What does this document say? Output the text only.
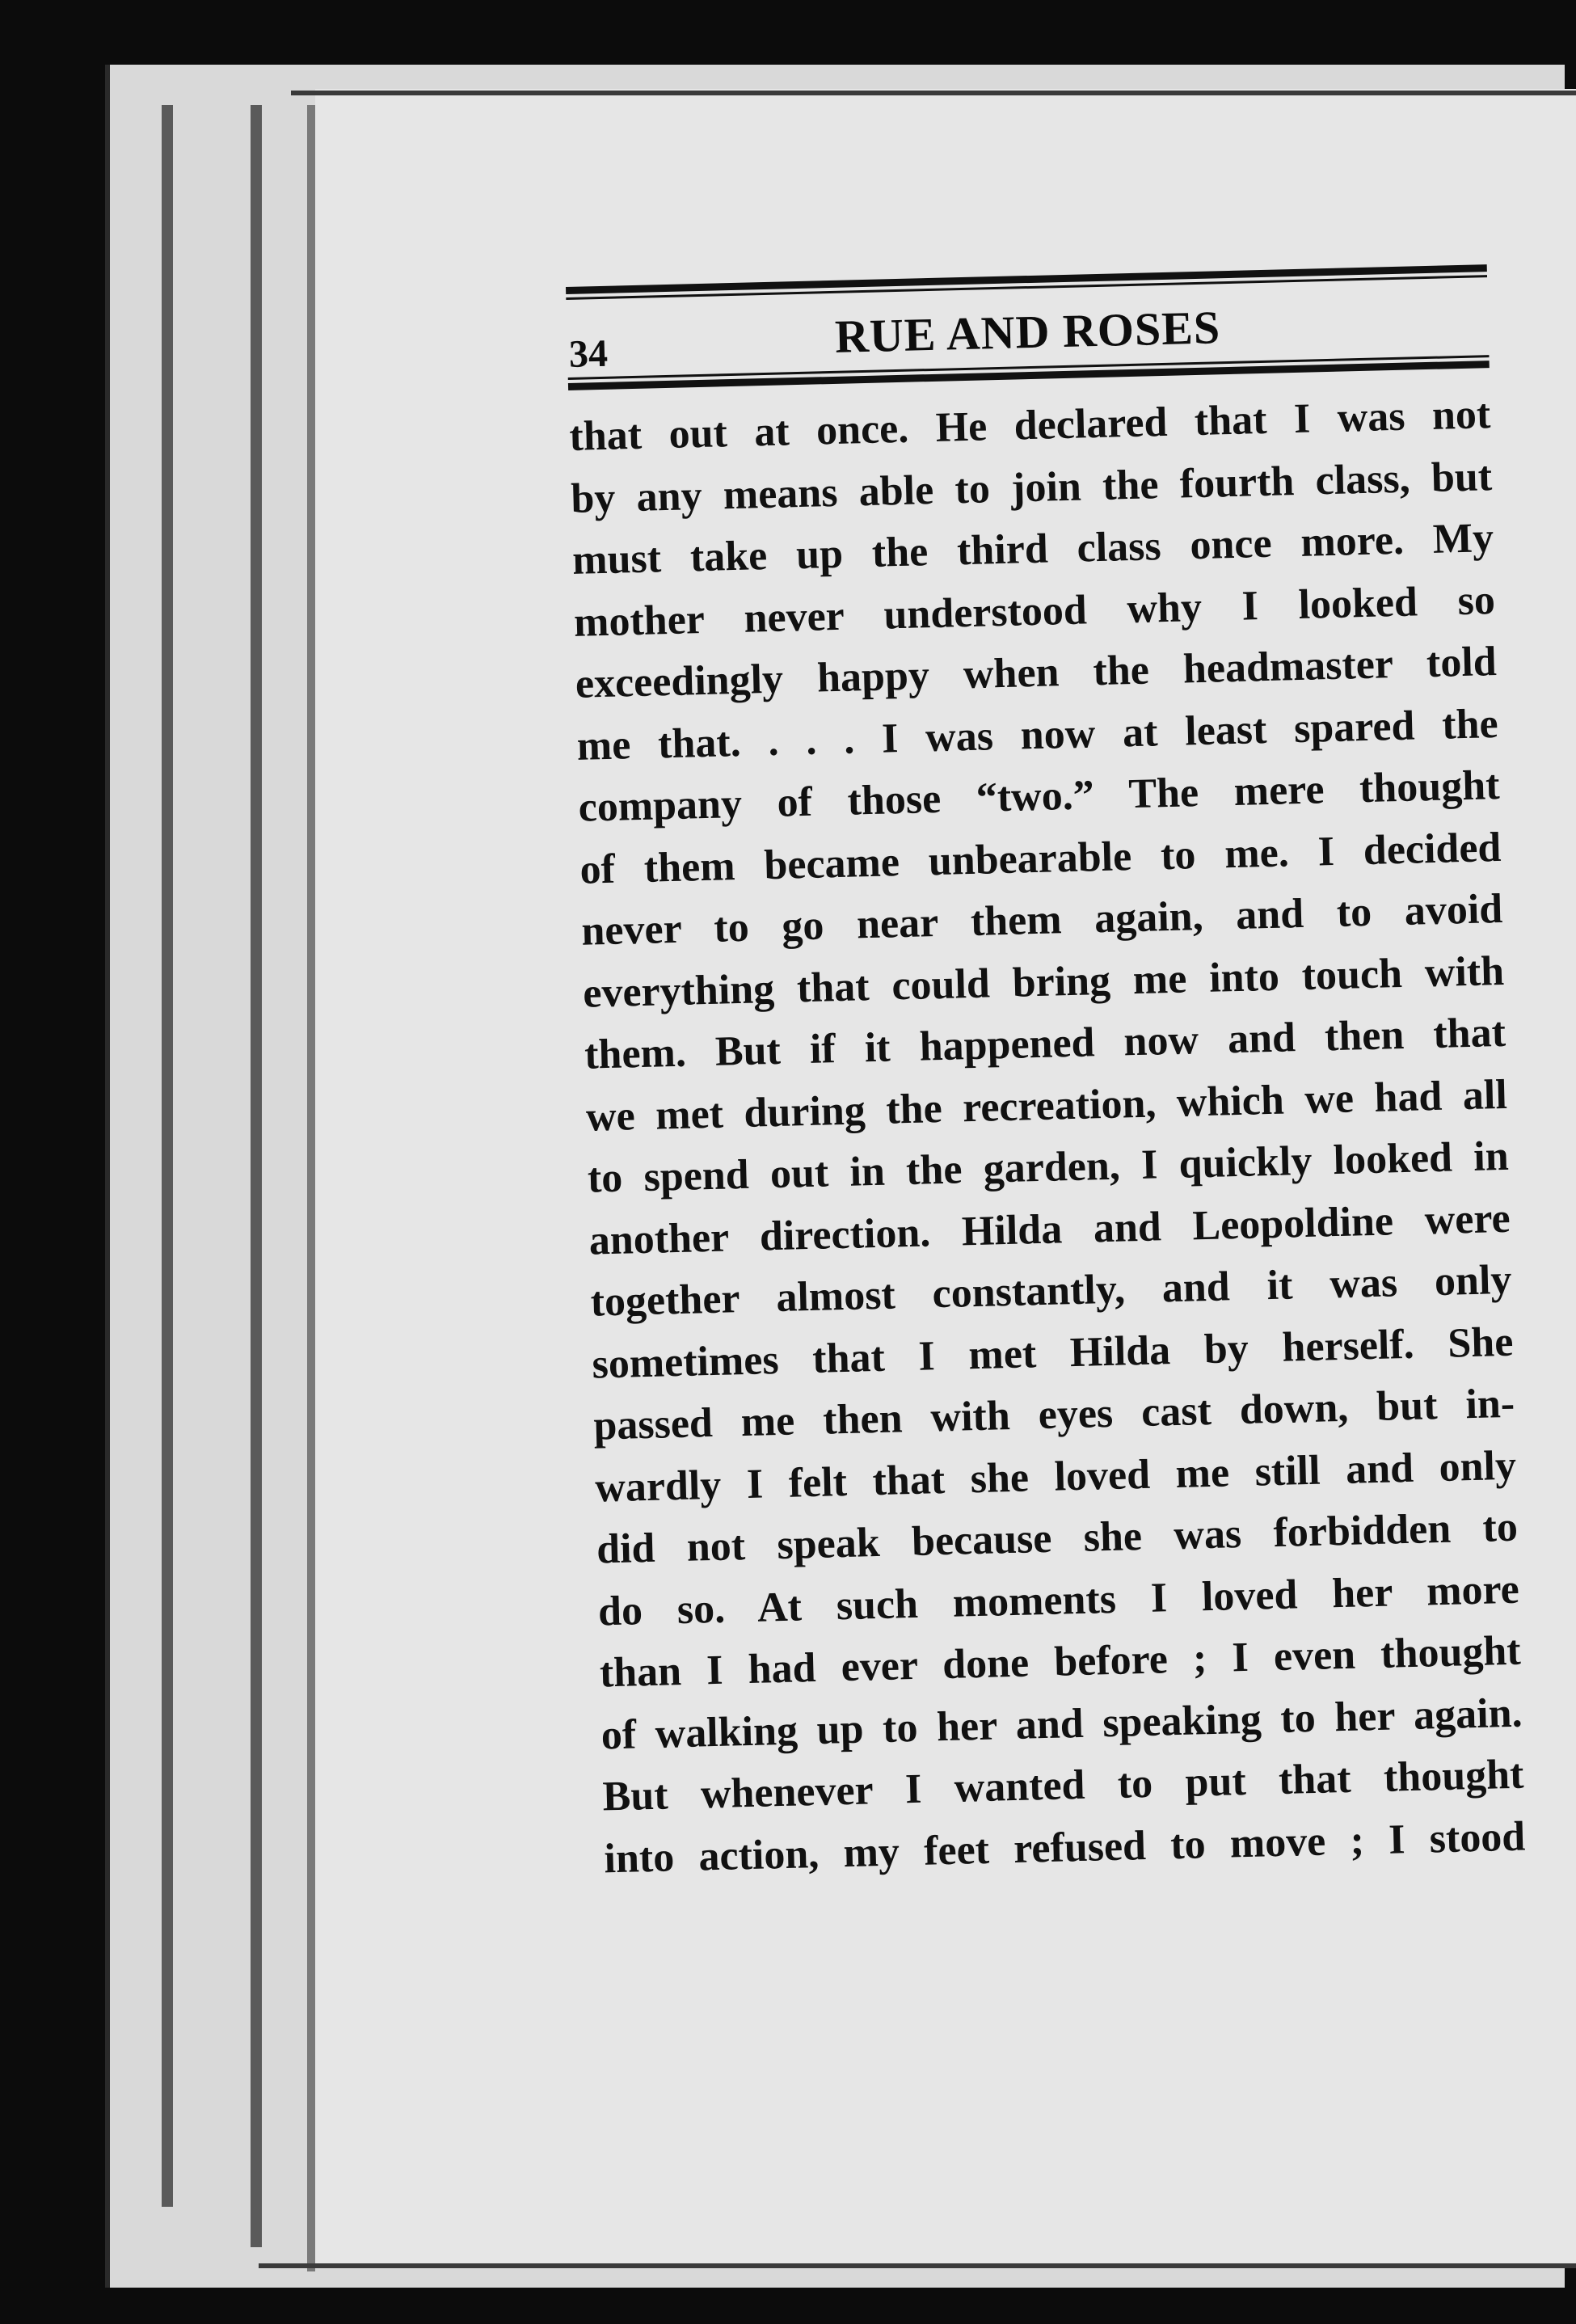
34	RUE AND ROSES
that out at once. He declared that I was not
by any means able to join the fourth class, but
must take up the third class once more. My
mother never understood why I looked so
exceedingly happy when the headmaster told
me that. . . . I was now at least spared the
company of those “two.” The mere thought
of them became unbearable to me. I decided
never to go near them again, and to avoid
everything that could bring me into touch with
them. But if it happened now and then that
we met during the recreation, which we had all
to spend out in the garden, I quickly looked in
another direction. Hilda and Leopoldine were
together almost constantly, and it was only
sometimes that I met Hilda by herself. She
passed me then with eyes cast down, but in-
wardly I felt that she loved me still and only
did not speak because she was forbidden to
do so. At such moments I loved her more
than I had ever done before ; I even thought
of walking up to her and speaking to her again.
But whenever I wanted to put that thought
into action, my feet refused to move ; I stood
